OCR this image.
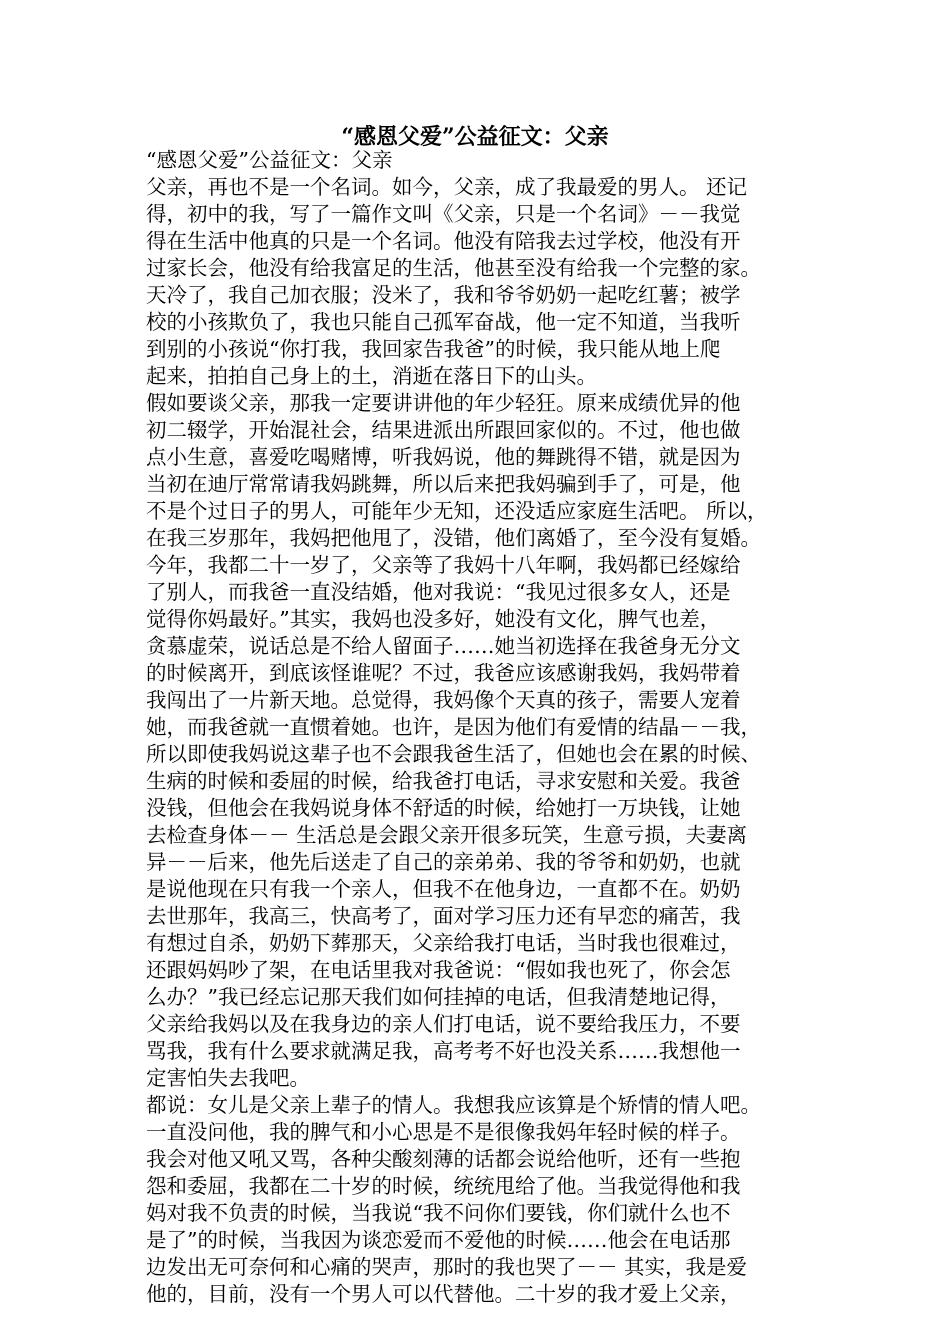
“感恩父爱”公益征文：父亲
“感恩父爱”公益征文：父亲
父亲，再也不是一个名词。如今，父亲，成了我最爱的男人。 还记
得，初中的我，写了一篇作文叫《父亲，只是一个名词》－－我觉
得在生活中他真的只是一个名词。他没有陪我去过学校，他没有开
过家长会，他没有给我富足的生活，他甚至没有给我一个完整的家。
天冷了，我自己加衣服；没米了，我和爷爷奶奶一起吃红薯；被学
校的小孩欺负了，我也只能自己孤军奋战，他一定不知道，当我听
到别的小孩说“你打我，我回家告我爸”的时候，我只能从地上爬
起来，拍拍自己身上的土，消逝在落日下的山头。
假如要谈父亲，那我一定要讲讲他的年少轻狂。原来成绩优异的他
初二辍学，开始混社会，结果进派出所跟回家似的。不过，他也做
点小生意，喜爱吃喝赌博，听我妈说，他的舞跳得不错，就是因为
当初在迪厅常常请我妈跳舞，所以后来把我妈骗到手了，可是，他
不是个过日子的男人，可能年少无知，还没适应家庭生活吧。 所以，
在我三岁那年，我妈把他甩了，没错，他们离婚了，至今没有复婚。
今年，我都二十一岁了，父亲等了我妈十八年啊，我妈都已经嫁给
了别人，而我爸一直没结婚，他对我说：“我见过很多女人，还是
觉得你妈最好。”其实，我妈也没多好，她没有文化，脾气也差，
贪慕虚荣，说话总是不给人留面子……她当初选择在我爸身无分文
的时候离开，到底该怪谁呢？不过，我爸应该感谢我妈，我妈带着
我闯出了一片新天地。总觉得，我妈像个天真的孩子，需要人宠着
她，而我爸就一直惯着她。也许，是因为他们有爱情的结晶－－我，
所以即使我妈说这辈子也不会跟我爸生活了，但她也会在累的时候、
生病的时候和委屈的时候，给我爸打电话，寻求安慰和关爱。我爸
没钱，但他会在我妈说身体不舒适的时候，给她打一万块钱，让她
去检查身体－－ 生活总是会跟父亲开很多玩笑，生意亏损，夫妻离
异－－后来，他先后送走了自己的亲弟弟、我的爷爷和奶奶，也就
是说他现在只有我一个亲人，但我不在他身边，一直都不在。奶奶
去世那年，我高三，快高考了，面对学习压力还有早恋的痛苦，我
有想过自杀，奶奶下葬那天，父亲给我打电话，当时我也很难过，
还跟妈妈吵了架，在电话里我对我爸说：“假如我也死了，你会怎
么办？”我已经忘记那天我们如何挂掉的电话，但我清楚地记得，
父亲给我妈以及在我身边的亲人们打电话，说不要给我压力，不要
骂我，我有什么要求就满足我，高考考不好也没关系……我想他一
定害怕失去我吧。
都说：女儿是父亲上辈子的情人。我想我应该算是个矫情的情人吧。
一直没问他，我的脾气和小心思是不是很像我妈年轻时候的样子。
我会对他又吼又骂，各种尖酸刻薄的话都会说给他听，还有一些抱
怨和委屈，我都在二十岁的时候，统统甩给了他。当我觉得他和我
妈对我不负责的时候，当我说“我不问你们要钱，你们就什么也不
是了”的时候，当我因为谈恋爱而不爱他的时候……他会在电话那
边发出无可奈何和心痛的哭声，那时的我也哭了－－ 其实，我是爱
他的，目前，没有一个男人可以代替他。二十岁的我才爱上父亲，
